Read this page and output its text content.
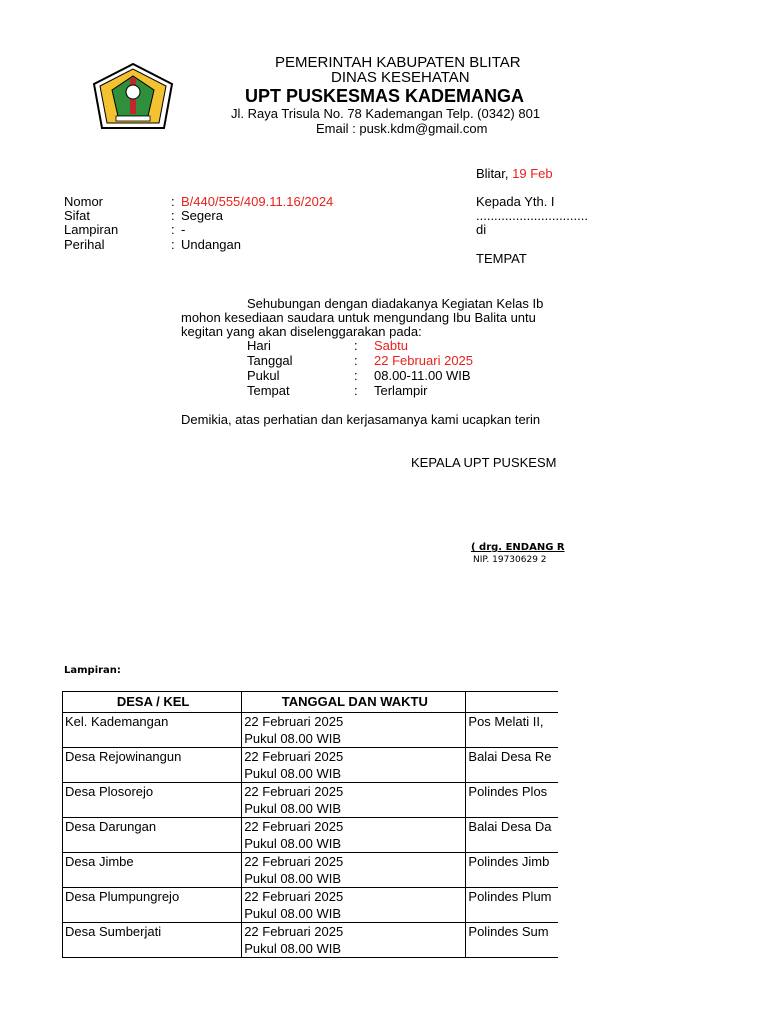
PEMERINTAH KABUPATEN BLITAR
DINAS KESEHATAN
UPT PUSKESMAS KADEMANGA
Jl. Raya Trisula No. 78 Kademangan Telp. (0342) 801
Email : pusk.kdm@gmail.com
Blitar, 19 Feb
Nomor	: B/440/555/409.11.16/2024
Sifat	: Segera
Lampiran	: -
Perihal	: Undangan
Kepada Yth. I
...............................
di
TEMPAT
Sehubungan dengan diadakanya Kegiatan Kelas Ib
mohon kesediaan saudara untuk mengundang Ibu Balita untu
kegitan yang akan diselenggarakan pada:
Hari	: Sabtu
Tanggal	: 22 Februari 2025
Pukul	: 08.00-11.00 WIB
Tempat	: Terlampir
Demikia, atas perhatian dan kerjasamanya kami ucapkan terin
KEPALA UPT PUSKESM
( drg. ENDANG R
NIP. 19730629 2
Lampiran:
DESA / KEL	TANGGAL DAN WAKTU	
Kel. Kademangan	22 Februari 2025	Pos Melati II,
	Pukul 08.00 WIB	
Desa Rejowinangun	22 Februari 2025	Balai Desa Re
	Pukul 08.00 WIB	
Desa Plosorejo	22 Februari 2025	Polindes Plos
	Pukul 08.00 WIB	
Desa Darungan	22 Februari 2025	Balai Desa Da
	Pukul 08.00 WIB	
Desa Jimbe	22 Februari 2025	Polindes Jimb
	Pukul 08.00 WIB	
Desa Plumpungrejo	22 Februari 2025	Polindes Plum
	Pukul 08.00 WIB	
Desa Sumberjati	22 Februari 2025	Polindes Sum
	Pukul 08.00 WIB	
